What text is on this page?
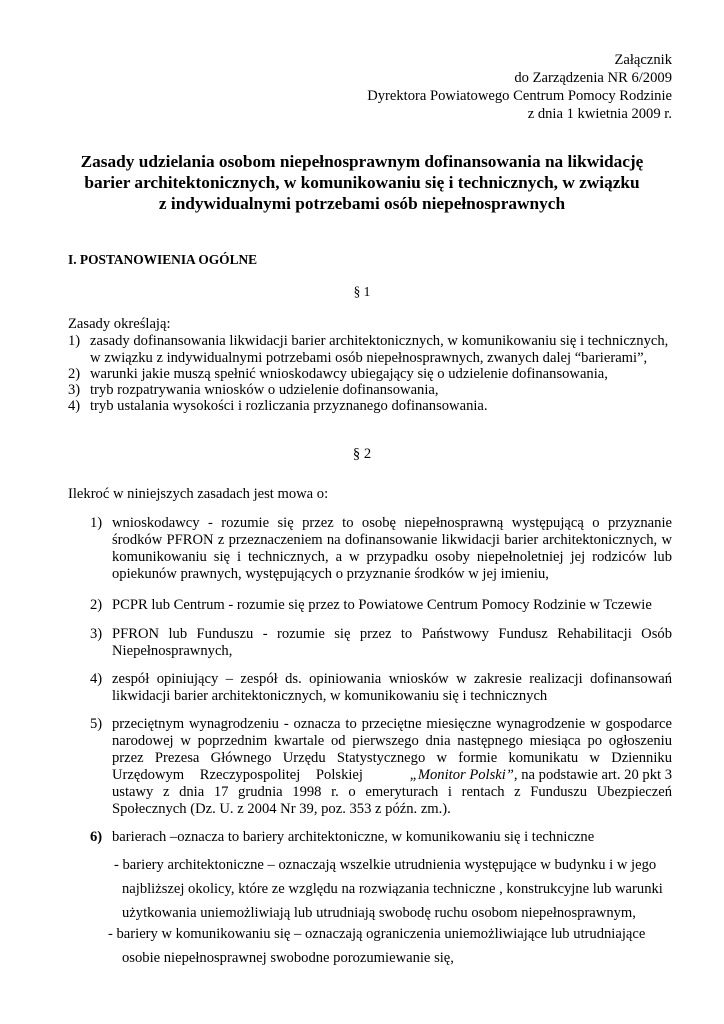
Załącznik
do Zarządzenia NR 6/2009
Dyrektora Powiatowego Centrum Pomocy Rodzinie
z dnia 1 kwietnia 2009 r.
Zasady udzielania osobom niepełnosprawnym dofinansowania na likwidację
barier architektonicznych, w komunikowaniu się i technicznych, w związku
z indywidualnymi potrzebami osób niepełnosprawnych
I. POSTANOWIENIA OGÓLNE
§ 1
Zasady określają:
1) zasady dofinansowania likwidacji barier architektonicznych, w komunikowaniu się i technicznych,
w związku z indywidualnymi potrzebami osób niepełnosprawnych, zwanych dalej “barierami”,
2) warunki jakie muszą spełnić wnioskodawcy ubiegający się o udzielenie dofinansowania,
3) tryb rozpatrywania wniosków o udzielenie dofinansowania,
4) tryb ustalania wysokości i rozliczania przyznanego dofinansowania.
§ 2
Ilekroć w niniejszych zasadach jest mowa o:
1) wnioskodawcy - rozumie się przez to osobę niepełnosprawną występującą o przyznanie
środków PFRON z przeznaczeniem na dofinansowanie likwidacji barier architektonicznych, w
komunikowaniu się i technicznych, a w przypadku osoby niepełnoletniej jej rodziców lub
opiekunów prawnych, występujących o przyznanie środków w jej imieniu,
2) PCPR lub Centrum - rozumie się przez to Powiatowe Centrum Pomocy Rodzinie w Tczewie
3) PFRON lub Funduszu - rozumie się przez to Państwowy Fundusz Rehabilitacji Osób
Niepełnosprawnych,
4) zespół opiniujący – zespół ds. opiniowania wniosków w zakresie realizacji dofinansowań
likwidacji barier architektonicznych, w komunikowaniu się i technicznych
5) przeciętnym wynagrodzeniu - oznacza to przeciętne miesięczne wynagrodzenie w gospodarce
narodowej w poprzednim kwartale od pierwszego dnia następnego miesiąca po ogłoszeniu
przez Prezesa Głównego Urzędu Statystycznego w formie komunikatu w Dzienniku
Urzędowym Rzeczypospolitej Polskiej	„Monitor Polski” , na podstawie art. 20 pkt 3
ustawy z dnia 17 grudnia 1998 r. o emeryturach i rentach z Funduszu Ubezpieczeń
Społecznych (Dz. U. z 2004 Nr 39, poz. 353 z późn. zm.).
6) barierach –oznacza to bariery architektoniczne, w komunikowaniu się i techniczne
- bariery architektoniczne – oznaczają wszelkie utrudnienia występujące w budynku i w jego
najbliższej okolicy, które ze względu na rozwiązania techniczne , konstrukcyjne lub warunki
użytkowania uniemożliwiają lub utrudniają swobodę ruchu osobom niepełnosprawnym,
- bariery w komunikowaniu się – oznaczają ograniczenia uniemożliwiające lub utrudniające
osobie niepełnosprawnej swobodne porozumiewanie się,
